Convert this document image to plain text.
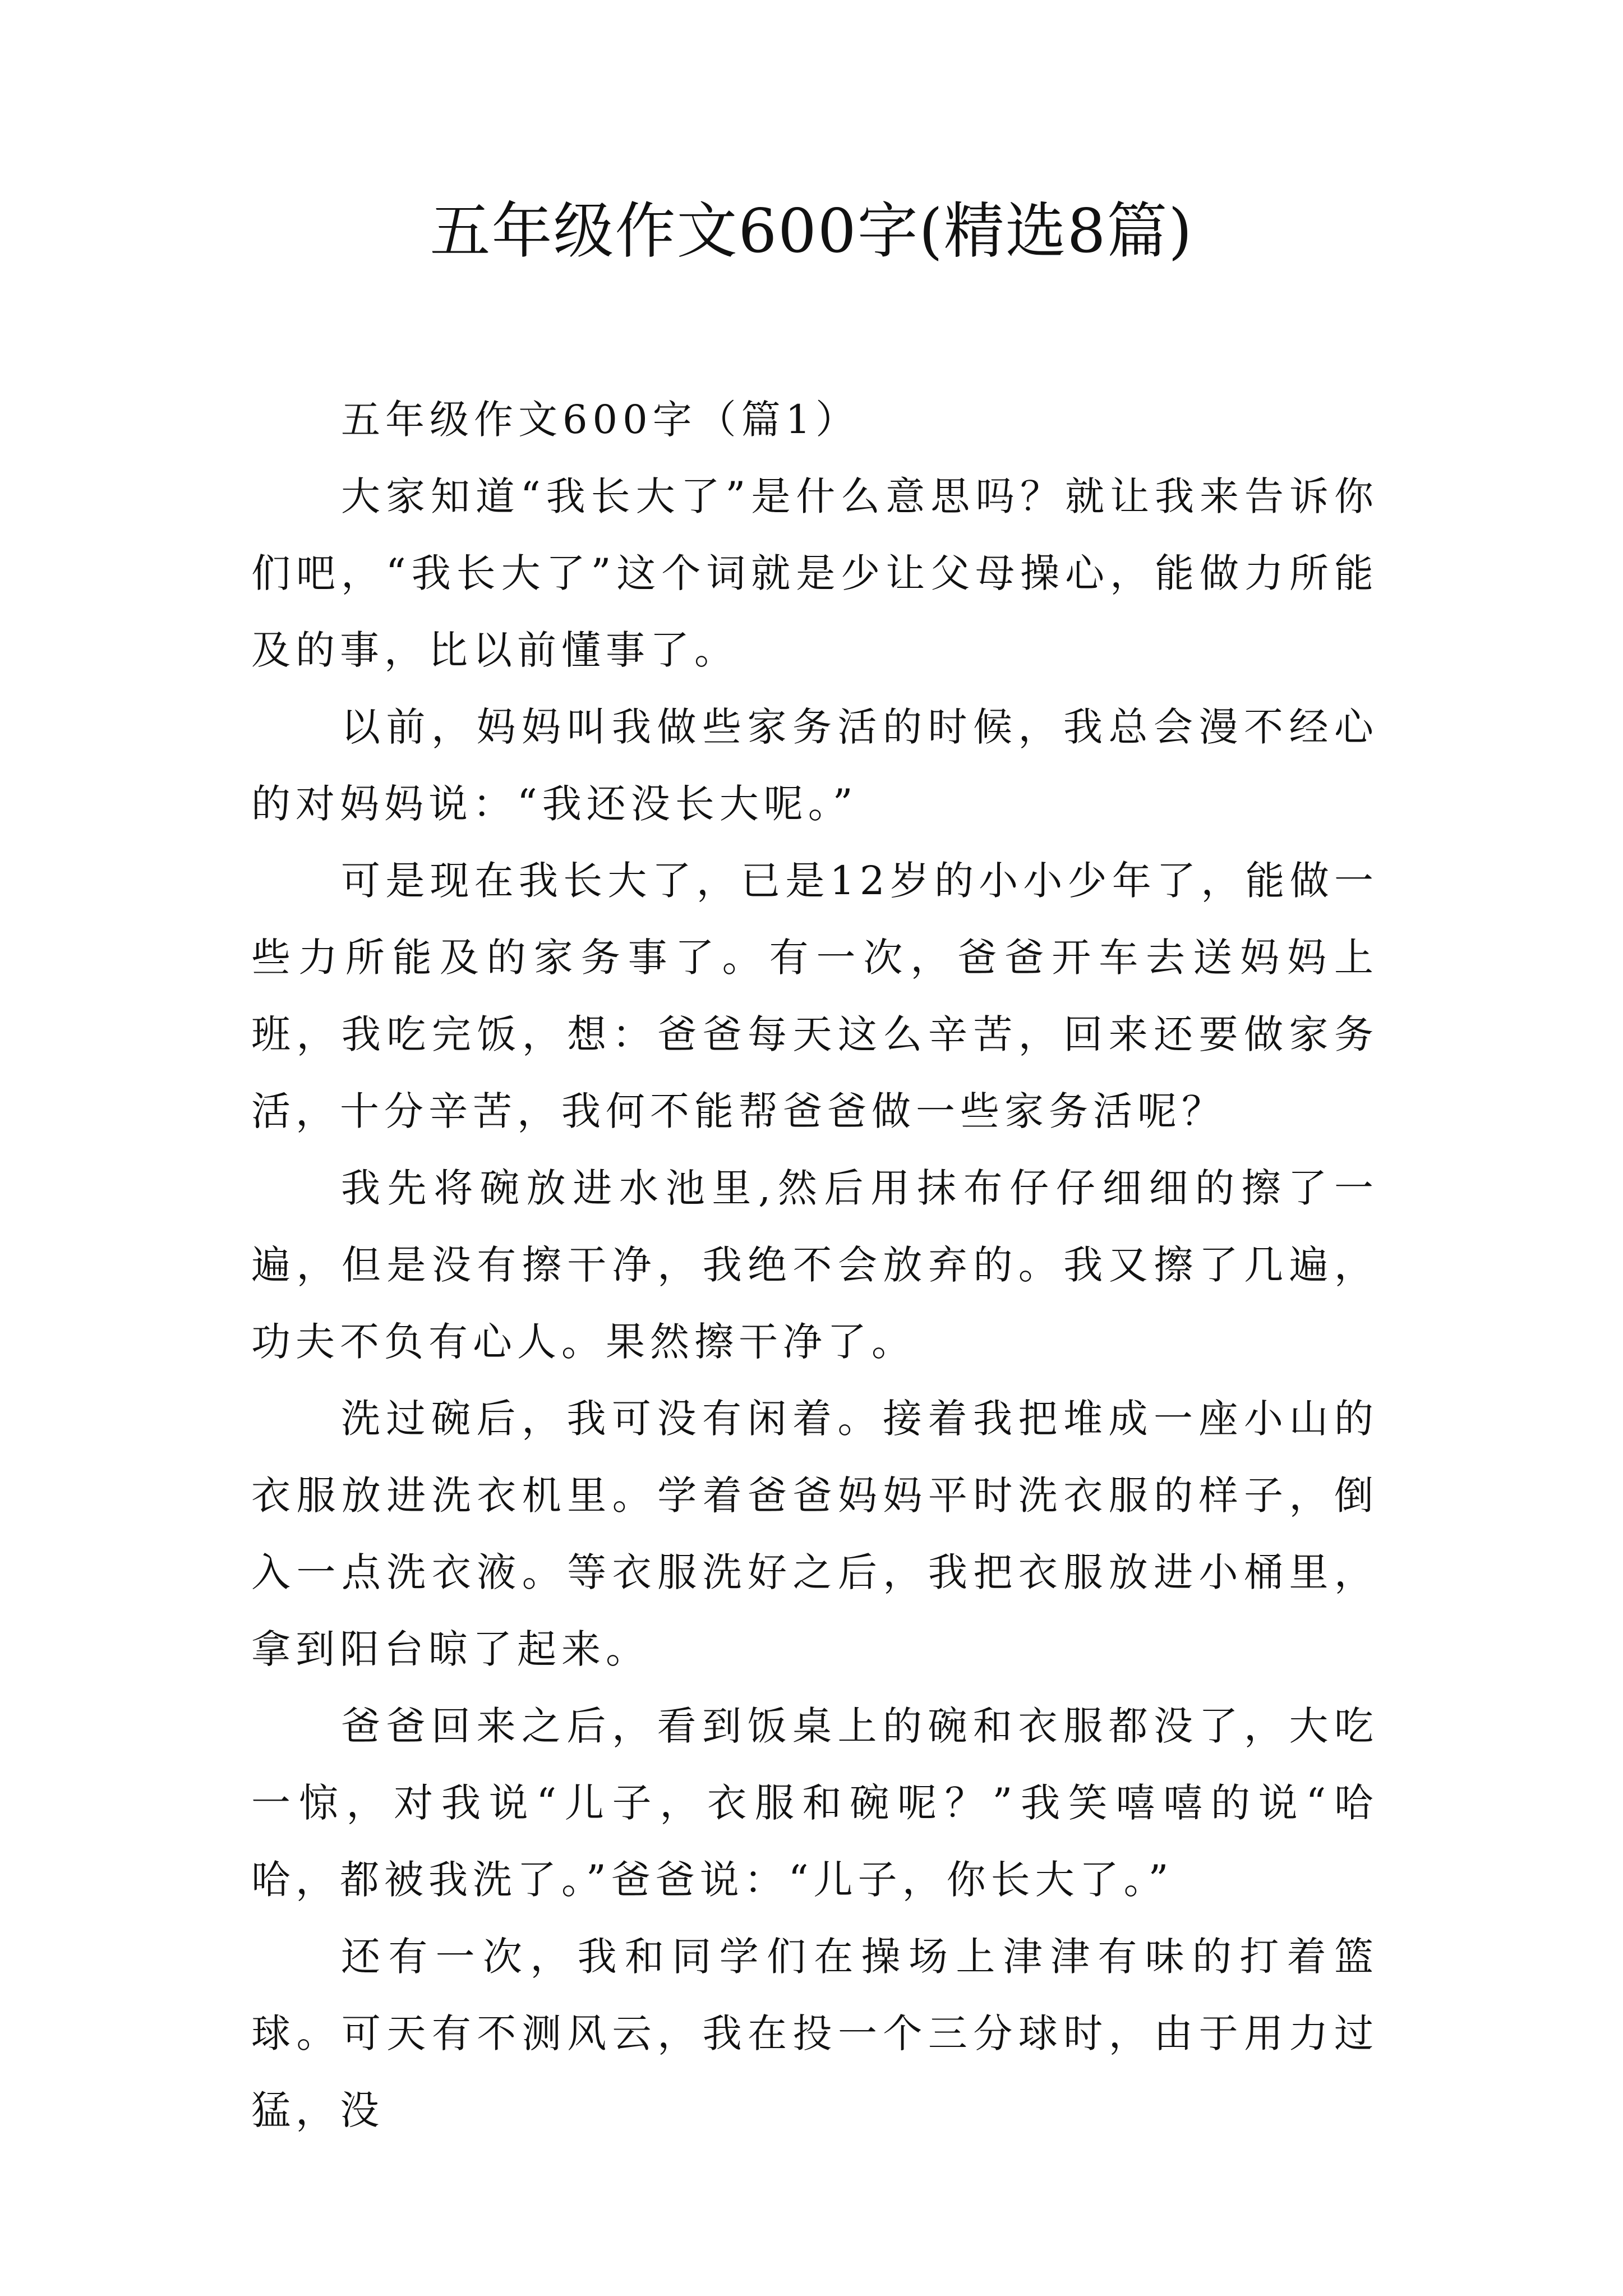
五年级作文600字(精选8篇)

五年级作文600字（篇1）

大家知道“我长大了”是什么意思吗？就让我来告诉你们吧，“我长大了”这个词就是少让父母操心，能做力所能及的事，比以前懂事了。

以前，妈妈叫我做些家务活的时候，我总会漫不经心的对妈妈说：“我还没长大呢。”

可是现在我长大了，已是12岁的小小少年了，能做一些力所能及的家务事了。有一次，爸爸开车去送妈妈上班，我吃完饭，想：爸爸每天这么辛苦，回来还要做家务活，十分辛苦，我何不能帮爸爸做一些家务活呢？

我先将碗放进水池里,然后用抹布仔仔细细的擦了一遍，但是没有擦干净，我绝不会放弃的。我又擦了几遍，功夫不负有心人。果然擦干净了。

洗过碗后，我可没有闲着。接着我把堆成一座小山的衣服放进洗衣机里。学着爸爸妈妈平时洗衣服的样子，倒入一点洗衣液。等衣服洗好之后，我把衣服放进小桶里，拿到阳台晾了起来。

爸爸回来之后，看到饭桌上的碗和衣服都没了，大吃一惊，对我说“儿子，衣服和碗呢？”我笑嘻嘻的说“哈哈，都被我洗了。”爸爸说：“儿子，你长大了。”

还有一次，我和同学们在操场上津津有味的打着篮球。可天有不测风云，我在投一个三分球时，由于用力过猛，没
